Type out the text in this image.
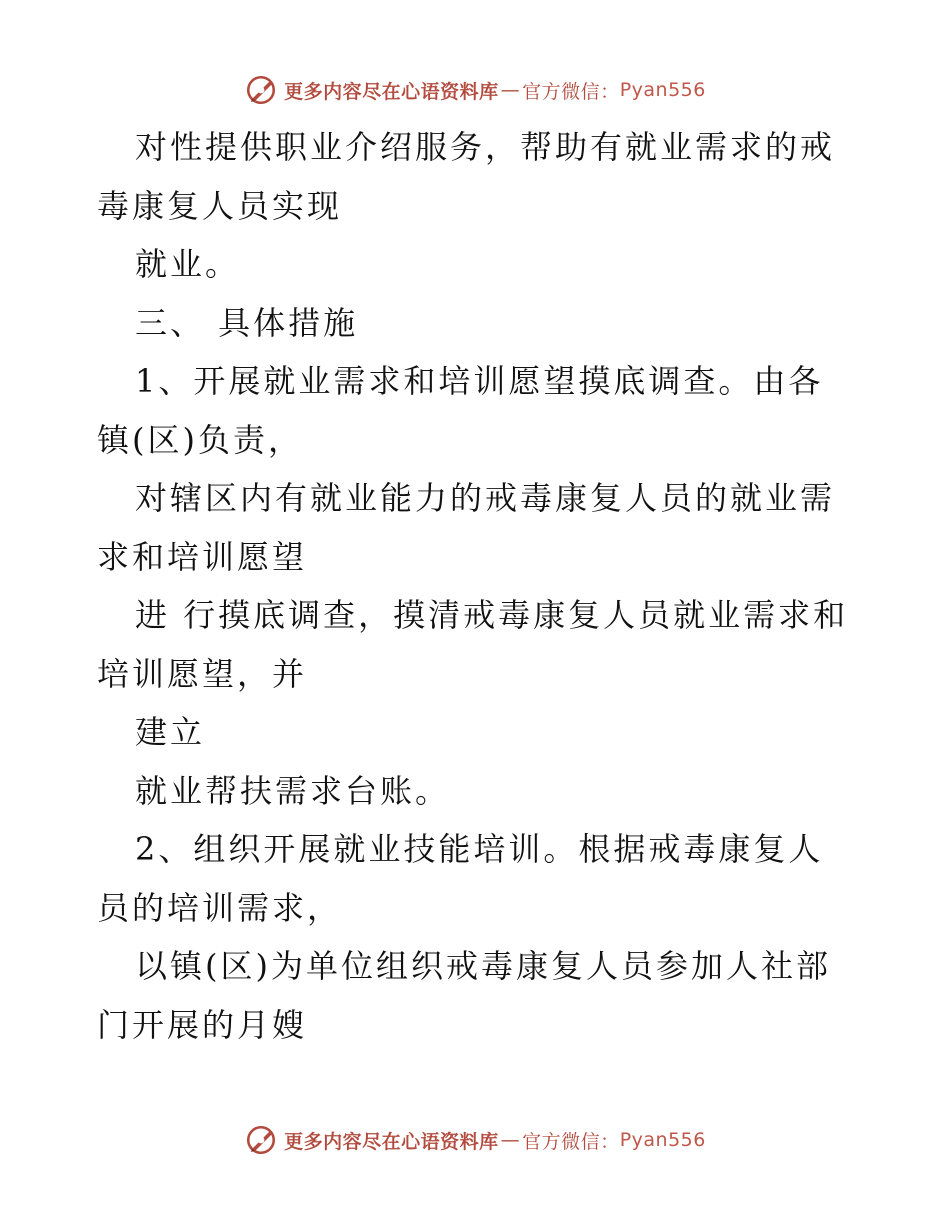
更多内容尽在心语资料库 — 官方微信： Pyan556

对性提供职业介绍服务，帮助有就业需求的戒毒康复人员实现

就业。

三、 具体措施

1、开展就业需求和培训愿望摸底调查。由各镇(区)负责，

对辖区内有就业能力的戒毒康复人员的就业需求和培训愿望

进 行摸底调查，摸清戒毒康复人员就业需求和培训愿望，并

建立

就业帮扶需求台账。

2、组织开展就业技能培训。根据戒毒康复人员的培训需求，

以镇(区)为单位组织戒毒康复人员参加人社部门开展的月嫂

更多内容尽在心语资料库 — 官方微信： Pyan556
